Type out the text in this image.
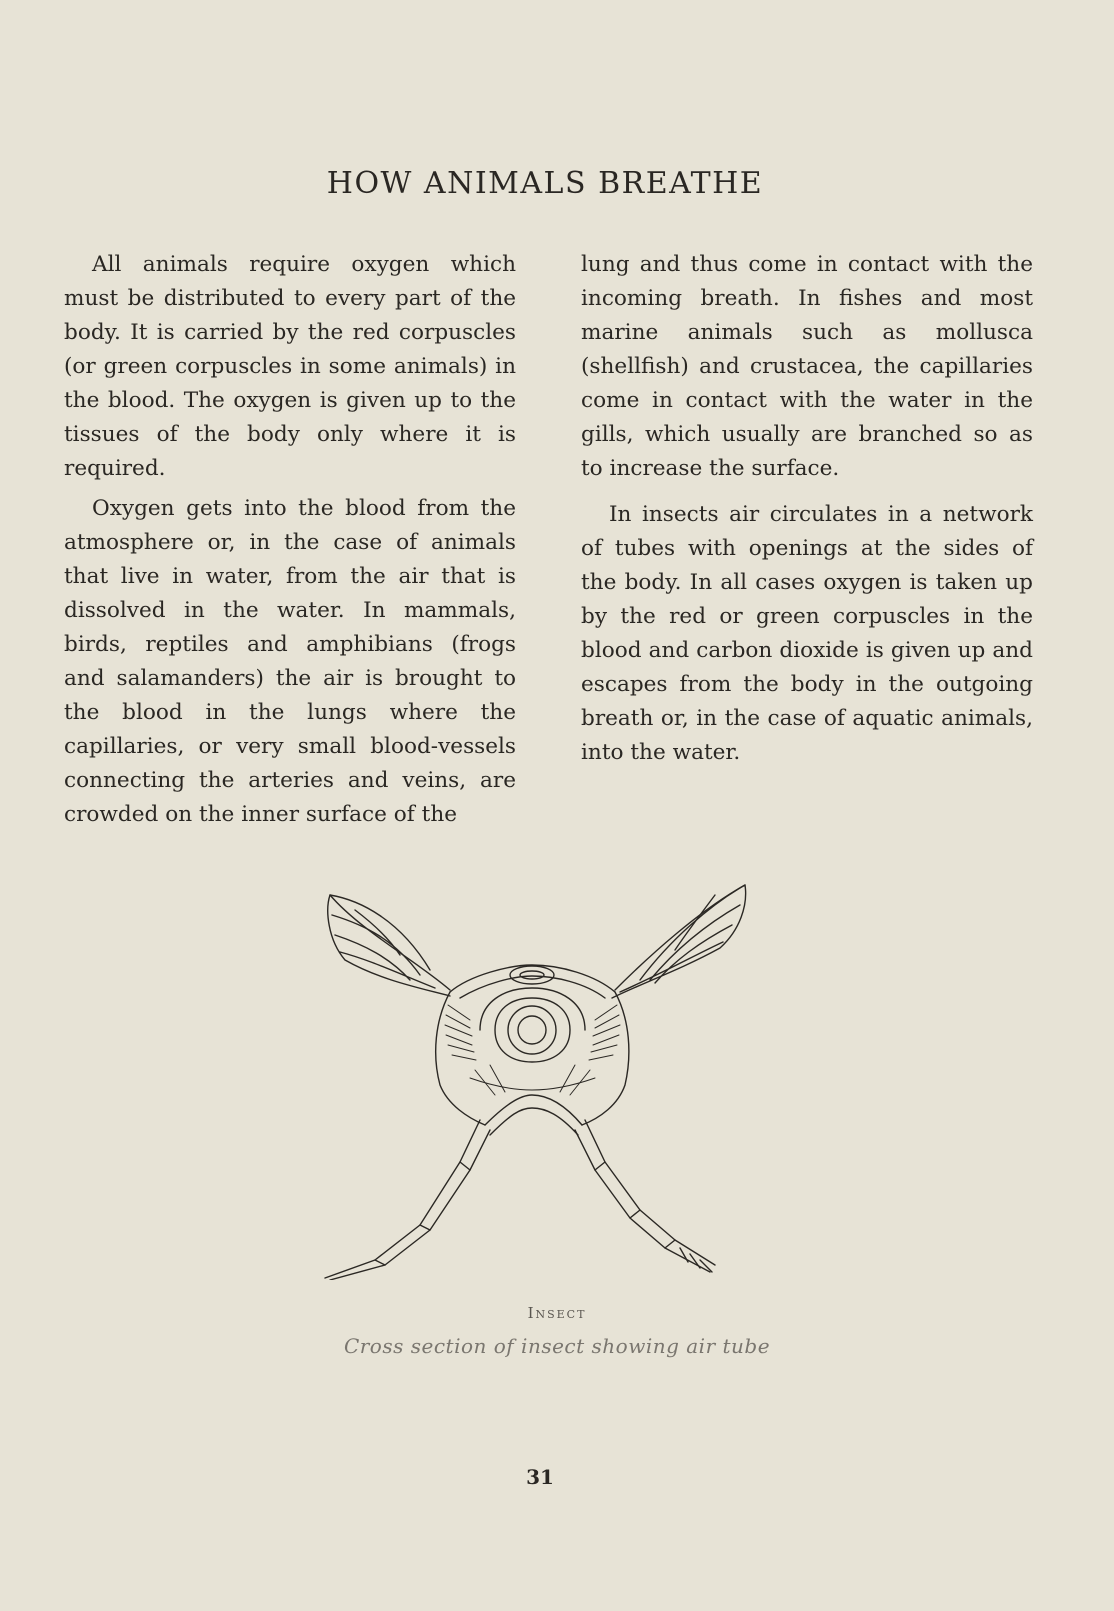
HOW ANIMALS BREATHE

All animals require oxygen which must be distributed to every part of the body. It is carried by the red corpuscles (or green corpuscles in some animals) in the blood. The oxygen is given up to the tissues of the body only where it is required.

Oxygen gets into the blood from the atmosphere or, in the case of animals that live in water, from the air that is dissolved in the water. In mammals, birds, reptiles and amphibians (frogs and salamanders) the air is brought to the blood in the lungs where the capillaries, or very small blood-vessels connecting the arteries and veins, are crowded on the inner surface of the

lung and thus come in contact with the incoming breath. In fishes and most marine animals such as mollusca (shellfish) and crustacea, the capillaries come in contact with the water in the gills, which usually are branched so as to increase the surface.

In insects air circulates in a network of tubes with openings at the sides of the body. In all cases oxygen is taken up by the red or green corpuscles in the blood and carbon dioxide is given up and escapes from the body in the outgoing breath or, in the case of aquatic animals, into the water.

Insect
Cross section of insect showing air tube
31
